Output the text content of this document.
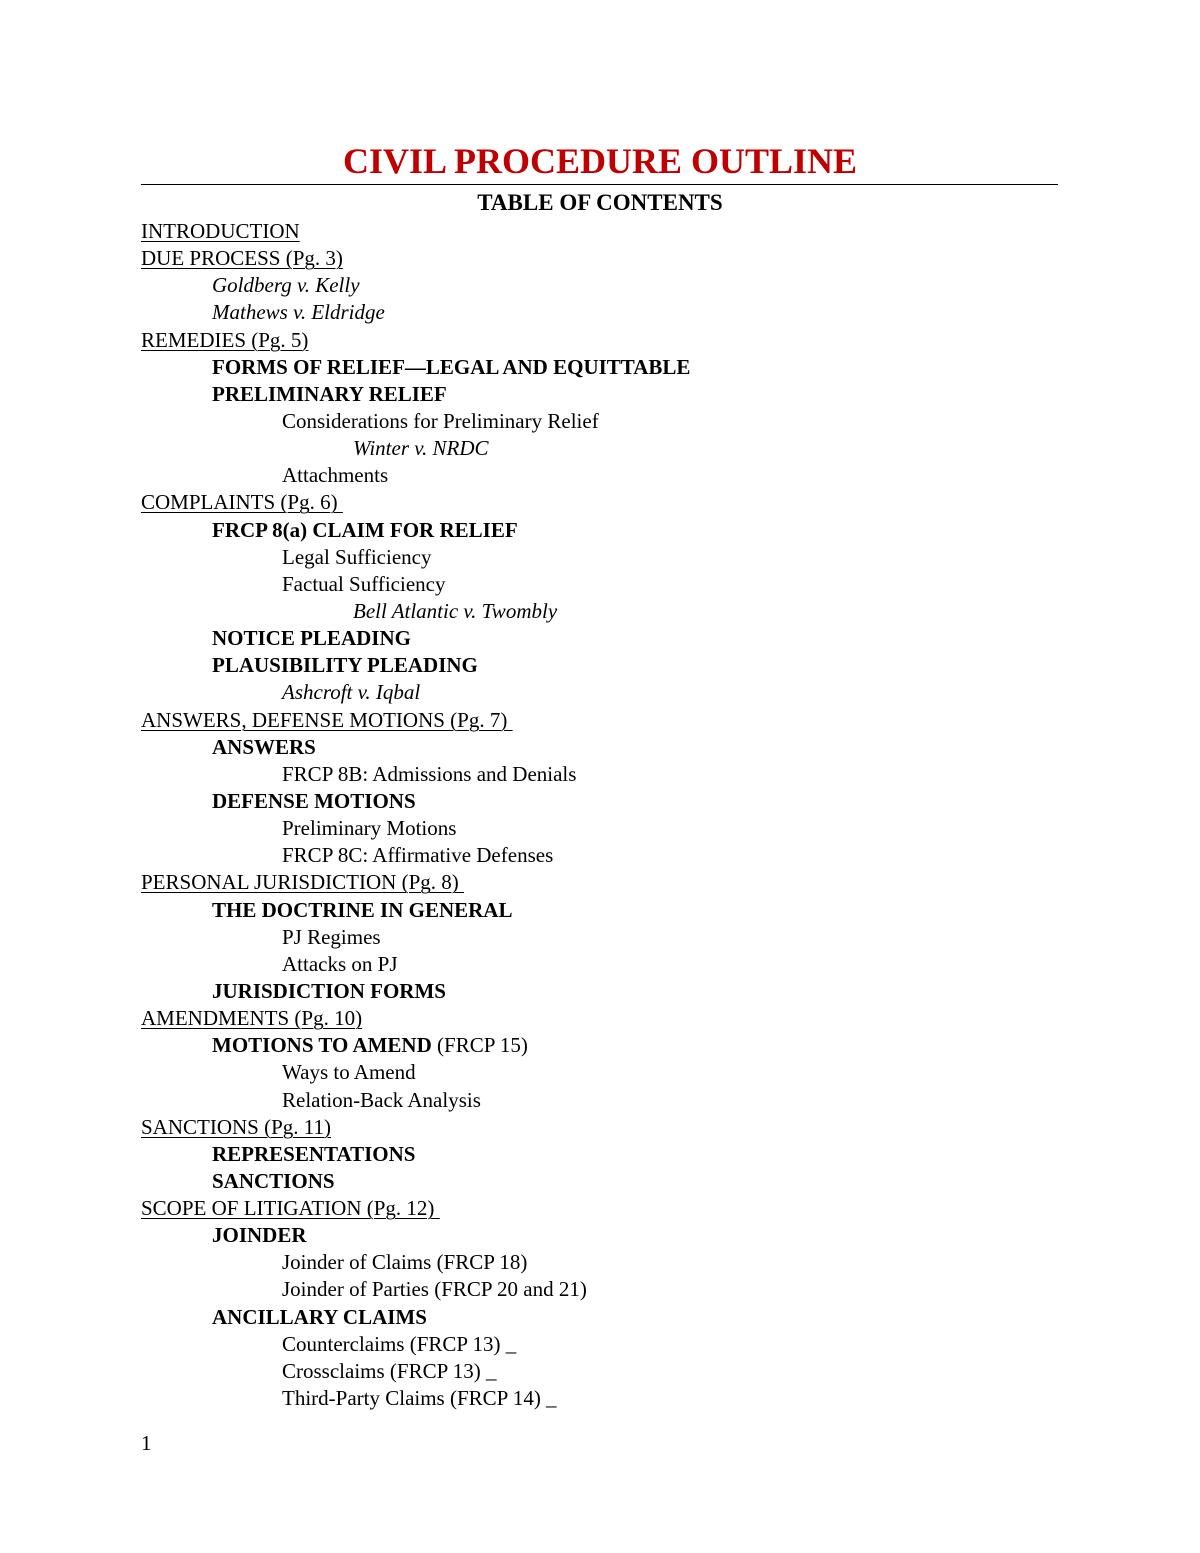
CIVIL PROCEDURE OUTLINE
TABLE OF CONTENTS
INTRODUCTION
DUE PROCESS (Pg. 3)
Goldberg v. Kelly
Mathews v. Eldridge
REMEDIES (Pg. 5)
FORMS OF RELIEF—LEGAL AND EQUITTABLE
PRELIMINARY RELIEF
Considerations for Preliminary Relief
Winter v. NRDC
Attachments
COMPLAINTS (Pg. 6)
FRCP 8(a) CLAIM FOR RELIEF
Legal Sufficiency
Factual Sufficiency
Bell Atlantic v. Twombly
NOTICE PLEADING
PLAUSIBILITY PLEADING
Ashcroft v. Iqbal
ANSWERS, DEFENSE MOTIONS (Pg. 7)
ANSWERS
FRCP 8B: Admissions and Denials
DEFENSE MOTIONS
Preliminary Motions
FRCP 8C: Affirmative Defenses
PERSONAL JURISDICTION (Pg. 8)
THE DOCTRINE IN GENERAL
PJ Regimes
Attacks on PJ
JURISDICTION FORMS
AMENDMENTS (Pg. 10)
MOTIONS TO AMEND (FRCP 15)
Ways to Amend
Relation-Back Analysis
SANCTIONS (Pg. 11)
REPRESENTATIONS
SANCTIONS
SCOPE OF LITIGATION (Pg. 12)
JOINDER
Joinder of Claims (FRCP 18)
Joinder of Parties (FRCP 20 and 21)
ANCILLARY CLAIMS
Counterclaims (FRCP 13) _
Crossclaims (FRCP 13) _
Third-Party Claims (FRCP 14) _
1
